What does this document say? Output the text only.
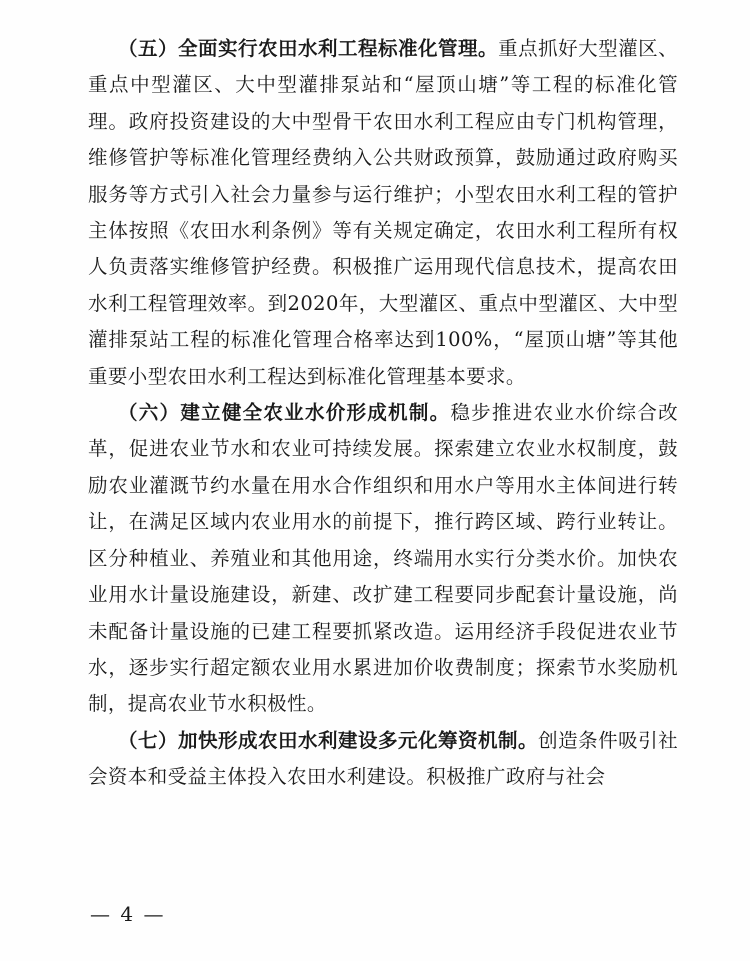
（五）全面实行农田水利工程标准化管理。重点抓好大型灌区、重点中型灌区、大中型灌排泵站和“屋顶山塘”等工程的标准化管理。政府投资建设的大中型骨干农田水利工程应由专门机构管理，维修管护等标准化管理经费纳入公共财政预算，鼓励通过政府购买服务等方式引入社会力量参与运行维护；小型农田水利工程的管护主体按照《农田水利条例》等有关规定确定，农田水利工程所有权人负责落实维修管护经费。积极推广运用现代信息技术，提高农田水利工程管理效率。到2020年，大型灌区、重点中型灌区、大中型灌排泵站工程的标准化管理合格率达到100%，“屋顶山塘”等其他重要小型农田水利工程达到标准化管理基本要求。

（六）建立健全农业水价形成机制。稳步推进农业水价综合改革，促进农业节水和农业可持续发展。探索建立农业水权制度，鼓励农业灌溉节约水量在用水合作组织和用水户等用水主体间进行转让，在满足区域内农业用水的前提下，推行跨区域、跨行业转让。区分种植业、养殖业和其他用途，终端用水实行分类水价。加快农业用水计量设施建设，新建、改扩建工程要同步配套计量设施，尚未配备计量设施的已建工程要抓紧改造。运用经济手段促进农业节水，逐步实行超定额农业用水累进加价收费制度；探索节水奖励机制，提高农业节水积极性。

（七）加快形成农田水利建设多元化筹资机制。创造条件吸引社会资本和受益主体投入农田水利建设。积极推广政府与社会

— 4 —
